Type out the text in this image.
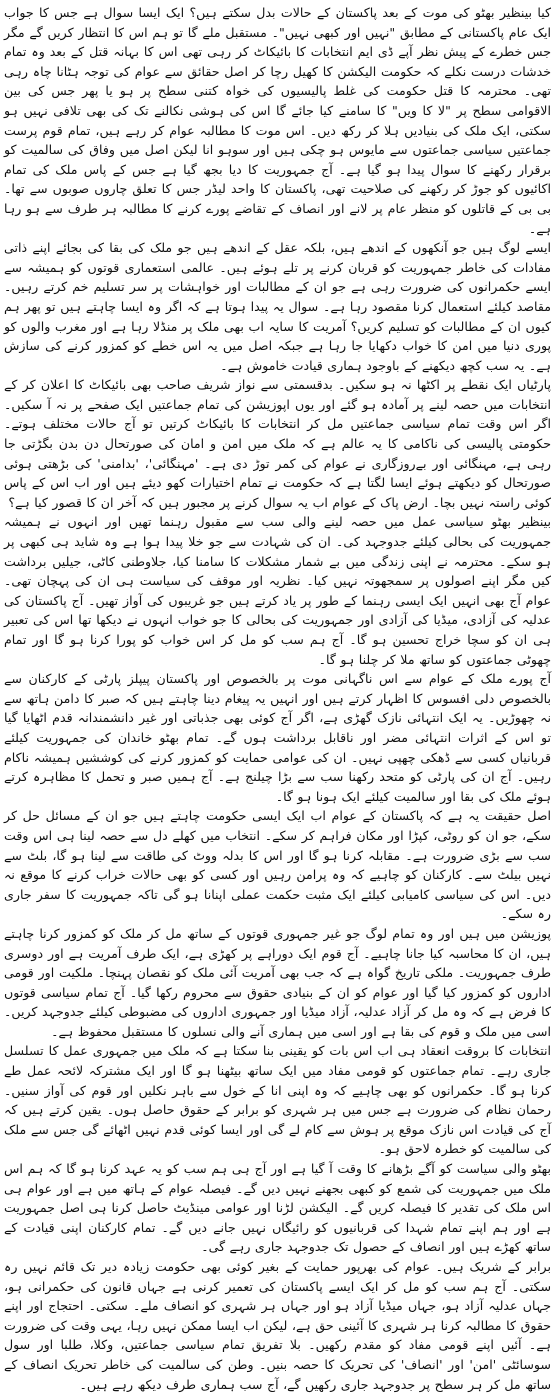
کیا بینظیر بھٹو کی موت کے بعد پاکستان کے حالات بدل سکتے ہیں؟ ایک ایسا سوال ہے جس کا جواب ایک عام پاکستانی کے مطابق "نہیں اور کبھی نہیں"۔ مستقبل ملے گا تو ہم اس کا انتظار کریں گے مگر جس خطرے کے پیش نظر آپے ڈی ایم انتخابات کا بائیکاٹ کر رہی تھی اس کا بہانہ قتل کے بعد وہ تمام خدشات درست نکلے کہ حکومت الیکشن کا کھیل رچا کر اصل حقائق سے عوام کی توجہ ہٹانا چاہ رہی تھی۔ محترمہ کا قتل حکومت کی غلط پالیسیوں کی خواہ کتنی سطح پر ہو یا پھر جس کی بین الاقوامی سطح پر "لا کا ویں" کا سامنے کیا جائے گا اس کی ہوشی نکالنے تک کی بھی تلافی نہیں ہو سکتی، ایک ملک کی بنیادیں ہلا کر رکھ دیں۔ اس موت کا مطالبہ عوام کر رہے ہیں، تمام قوم پرست جماعتیں سیاسی جماعتوں سے مایوس ہو چکی ہیں اور سوہو انا لیکن اصل میں وفاق کی سالمیت کو برقرار رکھنے کا سوال پیدا ہو گیا ہے۔ آج جمہوریت کا دیا بجھ گیا ہے جس کے پاس ملک کی تمام اکائیوں کو جوڑ کر رکھنے کی صلاحیت تھی، پاکستان کا واحد لیڈر جس کا تعلق چاروں صوبوں سے تھا۔ بی بی کے قاتلوں کو منظر عام پر لانے اور انصاف کے تقاضے پورے کرنے کا مطالبہ ہر طرف سے ہو رہا ہے۔

ایسے لوگ ہیں جو آنکھوں کے اندھے ہیں، بلکہ عقل کے اندھے ہیں جو ملک کی بقا کی بجائے اپنے ذاتی مفادات کی خاطر جمہوریت کو قربان کرنے پر تلے ہوئے ہیں۔ عالمی استعماری قوتوں کو ہمیشہ سے ایسے حکمرانوں کی ضرورت رہی ہے جو ان کے مطالبات اور خواہشات پر سر تسلیم خم کرتے رہیں۔ مقاصد کیلئے استعمال کرنا مقصود رہا ہے۔ سوال یہ پیدا ہوتا ہے کہ اگر وہ ایسا چاہتے ہیں تو پھر ہم کیوں ان کے مطالبات کو تسلیم کریں؟ آمریت کا سایہ اب بھی ملک پر منڈلا رہا ہے اور مغرب والوں کو پوری دنیا میں امن کا خواب دکھایا جا رہا ہے جبکہ اصل میں یہ اس خطے کو کمزور کرنے کی سازش ہے۔ یہ سب کچھ دیکھنے کے باوجود ہماری قیادت خاموش ہے۔

پارٹیاں ایک نقطے پر اکٹھا نہ ہو سکیں۔ بدقسمتی سے نواز شریف صاحب بھی بائیکاٹ کا اعلان کر کے انتخابات میں حصہ لینے پر آمادہ ہو گئے اور یوں اپوزیشن کی تمام جماعتیں ایک صفحے پر نہ آ سکیں۔ اگر اس وقت تمام سیاسی جماعتیں مل کر انتخابات کا بائیکاٹ کرتیں تو آج حالات مختلف ہوتے۔ حکومتی پالیسی کی ناکامی کا یہ عالم ہے کہ ملک میں امن و امان کی صورتحال دن بدن بگڑتی جا رہی ہے، مہنگائی اور بےروزگاری نے عوام کی کمر توڑ دی ہے۔ 'مہنگائی'، 'بدامنی' کی بڑھتی ہوئی صورتحال کو دیکھتے ہوئے ایسا لگتا ہے کہ حکومت نے تمام اختیارات کھو دیئے ہیں اور اب اس کے پاس کوئی راستہ نہیں بچا۔ ارض پاک کے عوام اب یہ سوال کرنے پر مجبور ہیں کہ آخر ان کا قصور کیا ہے؟

بینظیر بھٹو سیاسی عمل میں حصہ لینے والی سب سے مقبول رہنما تھیں اور انہوں نے ہمیشہ جمہوریت کی بحالی کیلئے جدوجہد کی۔ ان کی شہادت سے جو خلا پیدا ہوا ہے وہ شاید ہی کبھی پر ہو سکے۔ محترمہ نے اپنی زندگی میں بے شمار مشکلات کا سامنا کیا، جلاوطنی کاٹی، جیلیں برداشت کیں مگر اپنے اصولوں پر سمجھوتہ نہیں کیا۔ نظریہ اور موقف کی سیاست ہی ان کی پہچان تھی۔ عوام آج بھی انہیں ایک ایسی رہنما کے طور پر یاد کرتے ہیں جو غریبوں کی آواز تھیں۔ آج پاکستان کی عدلیہ کی آزادی، میڈیا کی آزادی اور جمہوریت کی بحالی کا جو خواب انہوں نے دیکھا تھا اس کی تعبیر ہی ان کو سچا خراج تحسین ہو گا۔ آج ہم سب کو مل کر اس خواب کو پورا کرنا ہو گا اور تمام چھوٹی جماعتوں کو ساتھ ملا کر چلنا ہو گا۔

آج پورے ملک کے عوام سے اس ناگہانی موت پر بالخصوص اور پاکستان پیپلز پارٹی کے کارکنان سے بالخصوص دلی افسوس کا اظہار کرتے ہیں اور انہیں یہ پیغام دینا چاہتے ہیں کہ صبر کا دامن ہاتھ سے نہ چھوڑیں۔ یہ ایک انتہائی نازک گھڑی ہے، اگر آج کوئی بھی جذباتی اور غیر دانشمندانہ قدم اٹھایا گیا تو اس کے اثرات انتہائی مضر اور ناقابل برداشت ہوں گے۔ تمام بھٹو خاندان کی جمہوریت کیلئے قربانیاں کسی سے ڈھکی چھپی نہیں۔ ان کی عوامی حمایت کو کمزور کرنے کی کوششیں ہمیشہ ناکام رہیں۔ آج ان کی پارٹی کو متحد رکھنا سب سے بڑا چیلنج ہے۔ آج ہمیں صبر و تحمل کا مظاہرہ کرتے ہوئے ملک کی بقا اور سالمیت کیلئے ایک ہونا ہو گا۔

اصل حقیقت یہ ہے کہ پاکستان کے عوام اب ایک ایسی حکومت چاہتے ہیں جو ان کے مسائل حل کر سکے، جو ان کو روٹی، کپڑا اور مکان فراہم کر سکے۔ انتخاب میں کھلے دل سے حصہ لینا ہی اس وقت سب سے بڑی ضرورت ہے۔ مقابلہ کرنا ہو گا اور اس کا بدلہ ووٹ کی طاقت سے لینا ہو گا، بلٹ سے نہیں بیلٹ سے۔ کارکنان کو چاہیے کہ وہ پرامن رہیں اور کسی کو بھی حالات خراب کرنے کا موقع نہ دیں۔ اس کی سیاسی کامیابی کیلئے ایک مثبت حکمت عملی اپنانا ہو گی تاکہ جمہوریت کا سفر جاری رہ سکے۔

پوزیشن میں ہیں اور وہ تمام لوگ جو غیر جمہوری قوتوں کے ساتھ مل کر ملک کو کمزور کرنا چاہتے ہیں، ان کا محاسبہ کیا جانا چاہیے۔ آج قوم ایک دوراہے پر کھڑی ہے، ایک طرف آمریت ہے اور دوسری طرف جمہوریت۔ ملکی تاریخ گواہ ہے کہ جب بھی آمریت آئی ملک کو نقصان پہنچا۔ ملکیت اور قومی اداروں کو کمزور کیا گیا اور عوام کو ان کے بنیادی حقوق سے محروم رکھا گیا۔ آج تمام سیاسی قوتوں کا فرض ہے کہ وہ مل کر آزاد عدلیہ، آزاد میڈیا اور جمہوری اداروں کی مضبوطی کیلئے جدوجہد کریں۔ اسی میں ملک و قوم کی بقا ہے اور اسی میں ہماری آنے والی نسلوں کا مستقبل محفوظ ہے۔

انتخابات کا بروقت انعقاد ہی اب اس بات کو یقینی بنا سکتا ہے کہ ملک میں جمہوری عمل کا تسلسل جاری رہے۔ تمام جماعتوں کو قومی مفاد میں ایک ساتھ بیٹھنا ہو گا اور ایک مشترکہ لائحہ عمل طے کرنا ہو گا۔ حکمرانوں کو بھی چاہیے کہ وہ اپنی انا کے خول سے باہر نکلیں اور قوم کی آواز سنیں۔ رحمان نظام کی ضرورت ہے جس میں ہر شہری کو برابر کے حقوق حاصل ہوں۔ یقین کرتے ہیں کہ آج کی قیادت اس نازک موقع پر ہوش سے کام لے گی اور ایسا کوئی قدم نہیں اٹھائے گی جس سے ملک کی سالمیت کو خطرہ لاحق ہو۔

بھٹو والی سیاست کو آگے بڑھانے کا وقت آ گیا ہے اور آج ہی ہم سب کو یہ عہد کرنا ہو گا کہ ہم اس ملک میں جمہوریت کی شمع کو کبھی بجھنے نہیں دیں گے۔ فیصلہ عوام کے ہاتھ میں ہے اور عوام ہی اس ملک کی تقدیر کا فیصلہ کریں گے۔ الیکشن لڑنا اور عوامی مینڈیٹ حاصل کرنا ہی اصل جمہوریت ہے اور ہم اپنے تمام شہدا کی قربانیوں کو رائیگاں نہیں جانے دیں گے۔ تمام کارکنان اپنی قیادت کے ساتھ کھڑے ہیں اور انصاف کے حصول تک جدوجہد جاری رہے گی۔

برابر کے شریک ہیں۔ عوام کی بھرپور حمایت کے بغیر کوئی بھی حکومت زیادہ دیر تک قائم نہیں رہ سکتی۔ آج ہم سب کو مل کر ایک ایسے پاکستان کی تعمیر کرنی ہے جہاں قانون کی حکمرانی ہو، جہاں عدلیہ آزاد ہو، جہاں میڈیا آزاد ہو اور جہاں ہر شہری کو انصاف ملے۔ سکتی۔ احتجاج اور اپنے حقوق کا مطالبہ کرنا ہر شہری کا آئینی حق ہے، لیکن اب ایسا ممکن نہیں رہا، یہی وقت کی ضرورت ہے۔ آئیں اپنے قومی مفاد کو مقدم رکھیں۔ بلا تفریق تمام سیاسی جماعتیں، وکلا، طلبا اور سول سوسائٹی 'امن' اور 'انصاف' کی تحریک کا حصہ بنیں۔ وطن کی سالمیت کی خاطر تحریک انصاف کے ساتھ مل کر ہر سطح پر جدوجہد جاری رکھیں گے، آج سب ہماری طرف دیکھ رہے ہیں۔
